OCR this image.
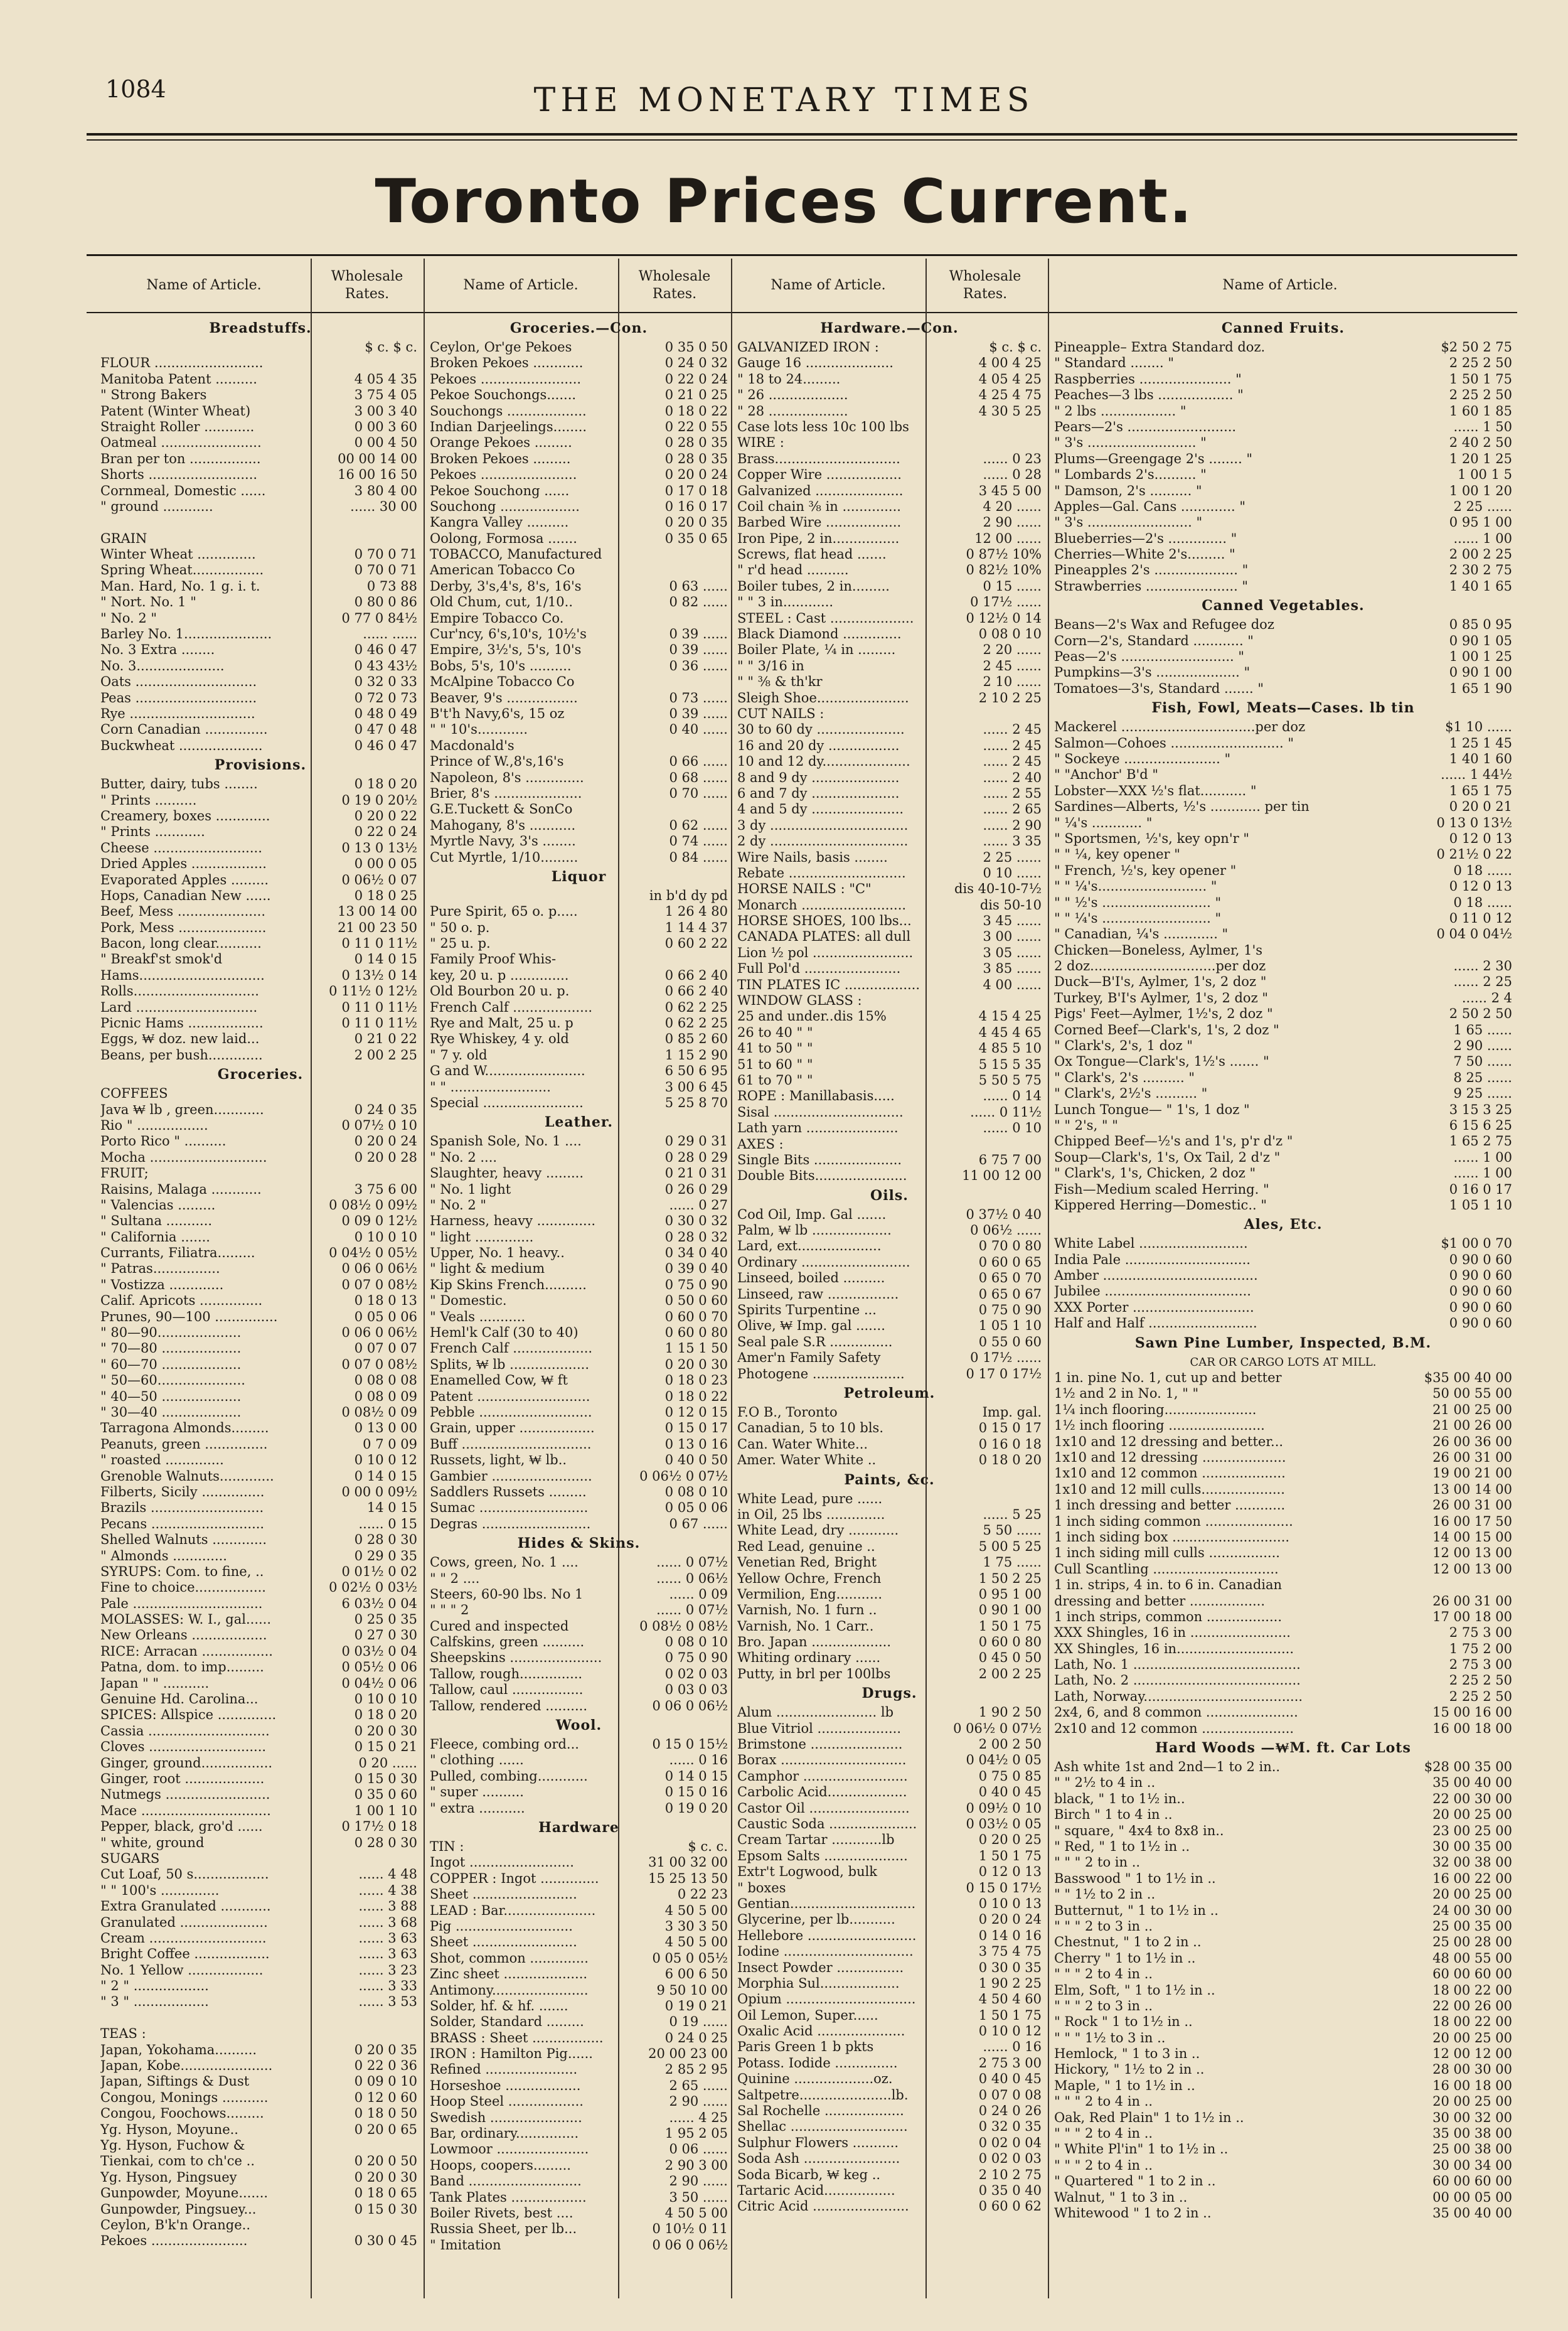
1084	THE MONETARY TIMES
Toronto Prices Current.
Name of Article.
Wholesale Rates.
Name of Article.
Wholesale Rates.
Name of Article.
Wholesale Rates.
Name of Article.
Breadstuffs.
$ c. $ c.
FLOUR ..........................
Manitoba Patent ..........	4 05 4 35
" Strong Bakers	3 75 4 05
Patent (Winter Wheat)	3 00 3 40
Straight Roller ............	0 00 3 60
Oatmeal ........................	0 00 4 50
Bran per ton .................	00 00 14 00
Shorts ..........................	16 00 16 50
Cornmeal, Domestic ......	3 80 4 00
" ground ............	...... 30 00
GRAIN
Winter Wheat ..............	0 70 0 71
Spring Wheat.................	0 70 0 71
Man. Hard, No. 1 g. i. t.	0 73 88
" Nort. No. 1 "	0 80 0 86
" No. 2 "	0 77 0 84½
Barley No. 1.....................	...... ......
No. 3 Extra ........	0 46 0 47
No. 3.....................	0 43 43½
Oats .............................	0 32 0 33
Peas .............................	0 72 0 73
Rye ..............................	0 48 0 49
Corn Canadian ...............	0 47 0 48
Buckwheat ....................	0 46 0 47
Provisions.
Butter, dairy, tubs ........	0 18 0 20
" Prints ..........	0 19 0 20½
Creamery, boxes .............	0 20 0 22
" Prints ............	0 22 0 24
Cheese ..........................	0 13 0 13½
Dried Apples ..................	0 00 0 05
Evaporated Apples .........	0 06½ 0 07
Hops, Canadian New ......	0 18 0 25
Beef, Mess .....................	13 00 14 00
Pork, Mess .....................	21 00 23 50
Bacon, long clear...........	0 11 0 11½
" Breakf'st smok'd	0 14 0 15
Hams..............................	0 13½ 0 14
Rolls..............................	0 11½ 0 12½
Lard .............................	0 11 0 11½
Picnic Hams ..................	0 11 0 11½
Eggs, ₩ doz. new laid...	0 21 0 22
Beans, per bush.............	2 00 2 25
Groceries.
COFFEES
Java ₩ lb , green............	0 24 0 35
Rio " .................	0 07½ 0 10
Porto Rico " ..........	0 20 0 24
Mocha ............................	0 20 0 28
FRUIT;
Raisins, Malaga ............	3 75 6 00
" Valencias .........	0 08½ 0 09½
" Sultana ...........	0 09 0 12½
" California .......	0 10 0 10
Currants, Filiatra.........	0 04½ 0 05½
" Patras................	0 06 0 06½
" Vostizza .............	0 07 0 08½
Calif. Apricots ...............	0 18 0 13
Prunes, 90—100 ...............	0 05 0 06
" 80—90....................	0 06 0 06½
" 70—80 ...................	0 07 0 07
" 60—70 ...................	0 07 0 08½
" 50—60.....................	0 08 0 08
" 40—50 ...................	0 08 0 09
" 30—40 ...................	0 08½ 0 09
Tarragona Almonds.........	0 13 0 00
Peanuts, green ...............	0 7 0 09
" roasted ..............	0 10 0 12
Grenoble Walnuts.............	0 14 0 15
Filberts, Sicily ...............	0 00 0 09½
Brazils ...........................	14 0 15
Pecans ...........................	...... 0 15
Shelled Walnuts .............	0 28 0 30
" Almonds .............	0 29 0 35
SYRUPS: Com. to fine, ..	0 01½ 0 02
Fine to choice.................	0 02½ 0 03½
Pale ...............................	6 03½ 0 04
MOLASSES: W. I., gal......	0 25 0 35
New Orleans ..................	0 27 0 30
RICE: Arracan .................	0 03½ 0 04
Patna, dom. to imp.........	0 05½ 0 06
Japan " " ...........	0 04½ 0 06
Genuine Hd. Carolina...	0 10 0 10
SPICES: Allspice ..............	0 18 0 20
Cassia .............................	0 20 0 30
Cloves ............................	0 15 0 21
Ginger, ground.................	0 20 ......
Ginger, root ...................	0 15 0 30
Nutmegs .........................	0 35 0 60
Mace ...............................	1 00 1 10
Pepper, black, gro'd ......	0 17½ 0 18
" white, ground	0 28 0 30
SUGARS
Cut Loaf, 50 s..................	...... 4 48
" " 100's ..............	...... 4 38
Extra Granulated ............	...... 3 88
Granulated .....................	...... 3 68
Cream ............................	...... 3 63
Bright Coffee ..................	...... 3 63
No. 1 Yellow ..................	...... 3 23
" 2 " ..................	...... 3 33
" 3 " ..................	...... 3 53
TEAS :
Japan, Yokohama..........	0 20 0 35
Japan, Kobe......................	0 22 0 36
Japan, Siftings & Dust	0 09 0 10
Congou, Monings ...........	0 12 0 60
Congou, Foochows.........	0 18 0 50
Yg. Hyson, Moyune..	0 20 0 65
Yg. Hyson, Fuchow &
Tienkai, com to ch'ce ..	0 20 0 50
Yg. Hyson, Pingsuey	0 20 0 30
Gunpowder, Moyune.......	0 18 0 65
Gunpowder, Pingsuey...	0 15 0 30
Ceylon, B'k'n Orange..
Pekoes .......................	0 30 0 45
Groceries.—Con.
Ceylon, Or'ge Pekoes	0 35 0 50
Broken Pekoes ............	0 24 0 32
Pekoes ........................	0 22 0 24
Pekoe Souchongs.......	0 21 0 25
Souchongs ...................	0 18 0 22
Indian Darjeelings........	0 22 0 55
Orange Pekoes .........	0 28 0 35
Broken Pekoes .........	0 28 0 35
Pekoes .......................	0 20 0 24
Pekoe Souchong ......	0 17 0 18
Souchong ...................	0 16 0 17
Kangra Valley ..........	0 20 0 35
Oolong, Formosa .......	0 35 0 65
TOBACCO, Manufactured
American Tobacco Co
Derby, 3's,4's, 8's, 16's	0 63 ......
Old Chum, cut, 1/10..	0 82 ......
Empire Tobacco Co.
Cur'ncy, 6's,10's, 10½'s	0 39 ......
Empire, 3½'s, 5's, 10's	0 39 ......
Bobs, 5's, 10's ..........	0 36 ......
McAlpine Tobacco Co
Beaver, 9's .................	0 73 ......
B't'h Navy,6's, 15 oz	0 39 ......
" " 10's............	0 40 ......
Macdonald's
Prince of W.,8's,16's	0 66 ......
Napoleon, 8's ..............	0 68 ......
Brier, 8's .....................	0 70 ......
G.E.Tuckett & SonCo
Mahogany, 8's ...........	0 62 ......
Myrtle Navy, 3's ........	0 74 ......
Cut Myrtle, 1/10.........	0 84 ......
Liquor
in b'd dy pd
Pure Spirit, 65 o. p.....	1 26 4 80
" 50 o. p.	1 14 4 37
" 25 u. p.	0 60 2 22
Family Proof Whis-
key, 20 u. p ..............	0 66 2 40
Old Bourbon 20 u. p.	0 66 2 40
French Calf ...................	0 62 2 25
Rye and Malt, 25 u. p	0 62 2 25
Rye Whiskey, 4 y. old	0 85 2 60
" 7 y. old	1 15 2 90
G and W........................	6 50 6 95
" " ........................	3 00 6 45
Special ........................	5 25 8 70
Leather.
Spanish Sole, No. 1 ....	0 29 0 31
" No. 2 ....	0 28 0 29
Slaughter, heavy .........	0 21 0 31
" No. 1 light	0 26 0 29
" No. 2 "	...... 0 27
Harness, heavy ..............	0 30 0 32
" light ..............	0 28 0 32
Upper, No. 1 heavy..	0 34 0 40
" light & medium	0 39 0 40
Kip Skins French..........	0 75 0 90
" Domestic.	0 50 0 60
" Veals ...........	0 60 0 70
Heml'k Calf (30 to 40)	0 60 0 80
French Calf ...................	1 15 1 50
Splits, ₩ lb ...................	0 20 0 30
Enamelled Cow, ₩ ft	0 18 0 23
Patent ...........................	0 18 0 22
Pebble ...........................	0 12 0 15
Grain, upper ..................	0 15 0 17
Buff ...............................	0 13 0 16
Russets, light, ₩ lb..	0 40 0 50
Gambier ........................	0 06½ 0 07½
Saddlers Russets .........	0 08 0 10
Sumac ..........................	0 05 0 06
Degras ..........................	0 67 ......
Hides & Skins.
Cows, green, No. 1 ....	...... 0 07½
" " 2 ....	...... 0 06½
Steers, 60-90 lbs. No 1	...... 0 09
" " " 2	...... 0 07½
Cured and inspected	0 08½ 0 08½
Calfskins, green ..........	0 08 0 10
Sheepskins ......................	0 75 0 90
Tallow, rough...............	0 02 0 03
Tallow, caul .................	0 03 0 03
Tallow, rendered ..........	0 06 0 06½
Wool.
Fleece, combing ord...	0 15 0 15½
" clothing ......	...... 0 16
Pulled, combing............	0 14 0 15
" super ..........	0 15 0 16
" extra ...........	0 19 0 20
Hardware
TIN :	$ c. c.
Ingot .........................	31 00 32 00
COPPER : Ingot ..............	15 25 13 50
Sheet .........................	0 22 23
LEAD : Bar......................	4 50 5 00
Pig ............................	3 30 3 50
Sheet .........................	4 50 5 00
Shot, common ..............	0 05 0 05½
Zinc sheet ....................	6 00 6 50
Antimony.......................	9 50 10 00
Solder, hf. & hf. .......	0 19 0 21
Solder, Standard .........	0 19 ......
BRASS : Sheet .................	0 24 0 25
IRON : Hamilton Pig......	20 00 23 00
Refined ......................	2 85 2 95
Horseshoe ..................	2 65 ......
Hoop Steel ..................	2 90 ......
Swedish ......................	...... 4 25
Bar, ordinary...............	1 95 2 05
Lowmoor ......................	0 06 ......
Hoops, coopers.........	2 90 3 00
Band ...........................	2 90 ......
Tank Plates ..................	3 50 ......
Boiler Rivets, best ....	4 50 5 00
Russia Sheet, per lb...	0 10½ 0 11
" Imitation	0 06 0 06½
Hardware.—Con.
GALVANIZED IRON :	$ c. $ c.
Gauge 16 .....................	4 00 4 25
" 18 to 24.........	4 05 4 25
" 26 ...................	4 25 4 75
" 28 ...................	4 30 5 25
Case lots less 10c 100 lbs
WIRE :
Brass..............................	...... 0 23
Copper Wire ..................	...... 0 28
Galvanized .....................	3 45 5 00
Coil chain ⅜ in ..............	4 20 ......
Barbed Wire ..................	2 90 ......
Iron Pipe, 2 in................	12 00 ......
Screws, flat head .......	0 87½ 10%
" r'd head ..........	0 82½ 10%
Boiler tubes, 2 in.........	0 15 ......
" " 3 in............	0 17½ ......
STEEL : Cast ....................	0 12½ 0 14
Black Diamond ..............	0 08 0 10
Boiler Plate, ¼ in .........	2 20 ......
" " 3/16 in	2 45 ......
" " ⅜ & th'kr	2 10 ......
Sleigh Shoe......................	2 10 2 25
CUT NAILS :
30 to 60 dy .....................	...... 2 45
16 and 20 dy .................	...... 2 45
10 and 12 dy.....................	...... 2 45
8 and 9 dy .....................	...... 2 40
6 and 7 dy .....................	...... 2 55
4 and 5 dy ......................	...... 2 65
3 dy .................................	...... 2 90
2 dy .................................	...... 3 35
Wire Nails, basis ........	2 25 ......
Rebate ............................	0 10 ......
HORSE NAILS : "C"	dis 40-10-7½
Monarch .........................	dis 50-10
HORSE SHOES, 100 lbs...	3 45 ......
CANADA PLATES: all dull	3 00 ......
Lion ½ pol ........................	3 05 ......
Full Pol'd .......................	3 85 ......
TIN PLATES IC ..................	4 00 ......
WINDOW GLASS :
25 and under..dis 15%	4 15 4 25
26 to 40 " "	4 45 4 65
41 to 50 " "	4 85 5 10
51 to 60 " "	5 15 5 35
61 to 70 " "	5 50 5 75
ROPE : Manillabasis.....	...... 0 14
Sisal ...............................	...... 0 11½
Lath yarn ......................	...... 0 10
AXES :
Single Bits .....................	6 75 7 00
Double Bits......................	11 00 12 00
Oils.
Cod Oil, Imp. Gal .......	0 37½ 0 40
Palm, ₩ lb ...................	0 06½ ......
Lard, ext....................	0 70 0 80
Ordinary ..........................	0 60 0 65
Linseed, boiled ..........	0 65 0 70
Linseed, raw .................	0 65 0 67
Spirits Turpentine ...	0 75 0 90
Olive, ₩ Imp. gal .......	1 05 1 10
Seal pale S.R ...............	0 55 0 60
Amer'n Family Safety	0 17½ ......
Photogene ......................	0 17 0 17½
Petroleum.
F.O B., Toronto	Imp. gal.
Canadian, 5 to 10 bls.	0 15 0 17
Can. Water White...	0 16 0 18
Amer. Water White ..	0 18 0 20
Paints, &c.
White Lead, pure ......
in Oil, 25 lbs ..............	...... 5 25
White Lead, dry ............	5 50 ......
Red Lead, genuine ..	5 00 5 25
Venetian Red, Bright	1 75 ......
Yellow Ochre, French	1 50 2 25
Vermilion, Eng...........	0 95 1 00
Varnish, No. 1 furn ..	0 90 1 00
Varnish, No. 1 Carr..	1 50 1 75
Bro. Japan ...................	0 60 0 80
Whiting ordinary ......	0 45 0 50
Putty, in brl per 100lbs	2 00 2 25
Drugs.
Alum ........................ lb	1 90 2 50
Blue Vitriol ....................	0 06½ 0 07½
Brimstone ......................	2 00 2 50
Borax ..............................	0 04½ 0 05
Camphor .........................	0 75 0 85
Carbolic Acid...................	0 40 0 45
Castor Oil ........................	0 09½ 0 10
Caustic Soda .....................	0 03½ 0 05
Cream Tartar ............lb	0 20 0 25
Epsom Salts ....................	1 50 1 75
Extr't Logwood, bulk	0 12 0 13
" boxes	0 15 0 17½
Gentian..............................	0 10 0 13
Glycerine, per lb...........	0 20 0 24
Hellebore ..........................	0 14 0 16
Iodine ...............................	3 75 4 75
Insect Powder ................	0 30 0 35
Morphia Sul...................	1 90 2 25
Opium ...............................	4 50 4 60
Oil Lemon, Super......	1 50 1 75
Oxalic Acid .....................	0 10 0 12
Paris Green 1 b pkts	...... 0 16
Potass. Iodide ...............	2 75 3 00
Quinine ...................oz.	0 40 0 45
Saltpetre......................lb.	0 07 0 08
Sal Rochelle ...................	0 24 0 26
Shellac ............................	0 32 0 35
Sulphur Flowers ...........	0 02 0 04
Soda Ash .......................	0 02 0 03
Soda Bicarb, ₩ keg ..	2 10 2 75
Tartaric Acid.................	0 35 0 40
Citric Acid .......................	0 60 0 62
Canned Fruits.
Pineapple– Extra Standard doz.	$2 50 2 75
" Standard ........ "	2 25 2 50
Raspberries ...................... "	1 50 1 75
Peaches—3 lbs .................. "	2 25 2 50
" 2 lbs .................. "	1 60 1 85
Pears—2's ..........................	...... 1 50
" 3's .......................... "	2 40 2 50
Plums—Greengage 2's ........ "	1 20 1 25
" Lombards 2's.......... "	1 00 1 5
" Damson, 2's .......... "	1 00 1 20
Apples—Gal. Cans ............. "	2 25 ......
" 3's ......................... "	0 95 1 00
Blueberries—2's .............. "	...... 1 00
Cherries—White 2's......... "	2 00 2 25
Pineapples 2's .................... "	2 30 2 75
Strawberries ...................... "	1 40 1 65
Canned Vegetables.
Beans—2's Wax and Refugee doz	0 85 0 95
Corn—2's, Standard ............ "	0 90 1 05
Peas—2's ........................... "	1 00 1 25
Pumpkins—3's .................... "	0 90 1 00
Tomatoes—3's, Standard ....... "	1 65 1 90
Fish, Fowl, Meats—Cases. lb tin
Mackerel ................................per doz	$1 10 ......
Salmon—Cohoes ........................... "	1 25 1 45
" Sockeye ....................... "	1 40 1 60
" "Anchor' B'd "	...... 1 44½
Lobster—XXX ½'s flat........... "	1 65 1 75
Sardines—Alberts, ½'s ............ per tin	0 20 0 21
" ¼'s ............ "	0 13 0 13½
" Sportsmen, ½'s, key opn'r "	0 12 0 13
" " ¼, key opener "	0 21½ 0 22
" French, ½'s, key opener "	0 18 ......
" " ¼'s.......................... "	0 12 0 13
" " ½'s .......................... "	0 18 ......
" " ¼'s .......................... "	0 11 0 12
" Canadian, ¼'s ............. "	0 04 0 04½
Chicken—Boneless, Aylmer, 1's
2 doz..............................per doz	...... 2 30
Duck—B'I's, Aylmer, 1's, 2 doz "	...... 2 25
Turkey, B'I's Aylmer, 1's, 2 doz "	...... 2 4
Pigs' Feet—Aylmer, 1½'s, 2 doz "	2 50 2 50
Corned Beef—Clark's, 1's, 2 doz "	1 65 ......
" Clark's, 2's, 1 doz "	2 90 ......
Ox Tongue—Clark's, 1½'s ....... "	7 50 ......
" Clark's, 2's .......... "	8 25 ......
" Clark's, 2½'s .......... "	9 25 ......
Lunch Tongue— " 1's, 1 doz "	3 15 3 25
" " 2's, " "	6 15 6 25
Chipped Beef—½'s and 1's, p'r d'z "	1 65 2 75
Soup—Clark's, 1's, Ox Tail, 2 d'z "	...... 1 00
" Clark's, 1's, Chicken, 2 doz "	...... 1 00
Fish—Medium scaled Herring. "	0 16 0 17
Kippered Herring—Domestic.. "	1 05 1 10
Ales, Etc.
White Label ..........................	$1 00 0 70
India Pale ..............................	0 90 0 60
Amber .....................................	0 90 0 60
Jubilee ...................................	0 90 0 60
XXX Porter .............................	0 90 0 60
Half and Half ..........................	0 90 0 60
Sawn Pine Lumber, Inspected, B.M.
CAR OR CARGO LOTS AT MILL.
1 in. pine No. 1, cut up and better	$35 00 40 00
1½ and 2 in No. 1, " "	50 00 55 00
1¼ inch flooring......................	21 00 25 00
1½ inch flooring .......................	21 00 26 00
1x10 and 12 dressing and better...	26 00 36 00
1x10 and 12 dressing ....................	26 00 31 00
1x10 and 12 common ....................	19 00 21 00
1x10 and 12 mill culls....................	13 00 14 00
1 inch dressing and better ............	26 00 31 00
1 inch siding common .....................	16 00 17 50
1 inch siding box ............................	14 00 15 00
1 inch siding mill culls .................	12 00 13 00
Cull Scantling ..............................	12 00 13 00
1 in. strips, 4 in. to 6 in. Canadian
dressing and better ..................	26 00 31 00
1 inch strips, common ..................	17 00 18 00
XXX Shingles, 16 in ........................	2 75 3 00
XX Shingles, 16 in............................	1 75 2 00
Lath, No. 1 ........................................	2 75 3 00
Lath, No. 2 ........................................	2 25 2 50
Lath, Norway......................................	2 25 2 50
2x4, 6, and 8 common ......................	15 00 16 00
2x10 and 12 common ......................	16 00 18 00
Hard Woods —₩M. ft. Car Lots
Ash white 1st and 2nd—1 to 2 in..	$28 00 35 00
" " 2½ to 4 in ..	35 00 40 00
black, " 1 to 1½ in..	22 00 30 00
Birch " 1 to 4 in ..	20 00 25 00
" square, " 4x4 to 8x8 in..	23 00 25 00
" Red, " 1 to 1½ in ..	30 00 35 00
" " " 2 to in ..	32 00 38 00
Basswood " 1 to 1½ in ..	16 00 22 00
" " 1½ to 2 in ..	20 00 25 00
Butternut, " 1 to 1½ in ..	24 00 30 00
" " " 2 to 3 in ..	25 00 35 00
Chestnut, " 1 to 2 in ..	25 00 28 00
Cherry " 1 to 1½ in ..	48 00 55 00
" " " 2 to 4 in ..	60 00 60 00
Elm, Soft, " 1 to 1½ in ..	18 00 22 00
" " " 2 to 3 in ..	22 00 26 00
" Rock " 1 to 1½ in ..	18 00 22 00
" " " 1½ to 3 in ..	20 00 25 00
Hemlock, " 1 to 3 in ..	12 00 12 00
Hickory, " 1½ to 2 in ..	28 00 30 00
Maple, " 1 to 1½ in ..	16 00 18 00
" " " 2 to 4 in ..	20 00 25 00
Oak, Red Plain" 1 to 1½ in ..	30 00 32 00
" " " 2 to 4 in ..	35 00 38 00
" White Pl'in" 1 to 1½ in ..	25 00 38 00
" " " 2 to 4 in ..	30 00 34 00
" Quartered " 1 to 2 in ..	60 00 60 00
Walnut, " 1 to 3 in ..	00 00 05 00
Whitewood " 1 to 2 in ..	35 00 40 00
